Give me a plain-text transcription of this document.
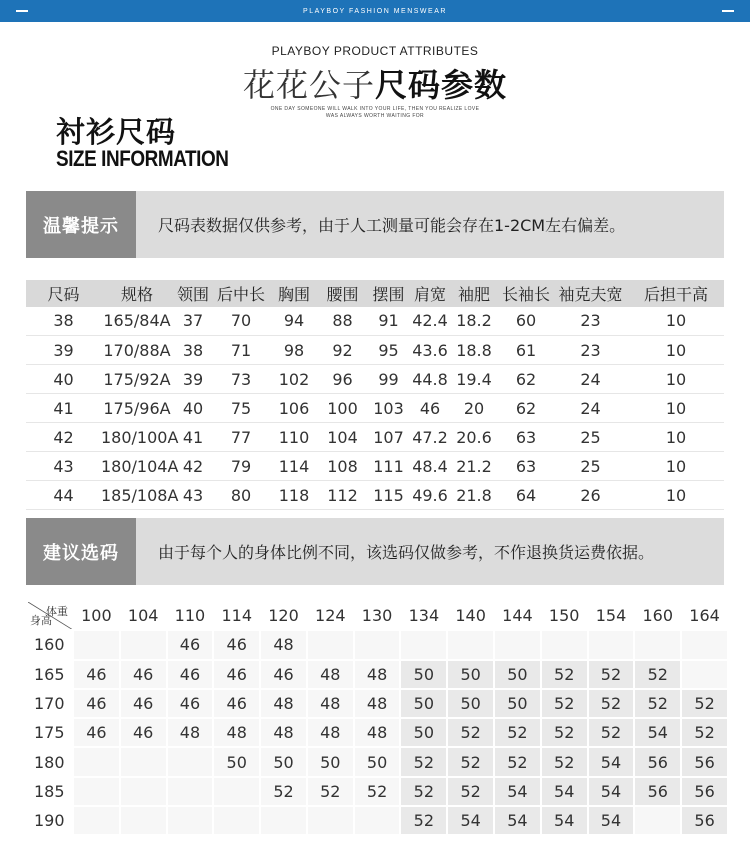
PLAYBOY FASHION MENSWEAR
PLAYBOY PRODUCT ATTRIBUTES
花花公子尺码参数
ONE DAY SOMEONE WILL WALK INTO YOUR LIFE, THEN YOU REALIZE LOVE
WAS ALWAYS WORTH WAITING FOR
衬衫尺码
SIZE INFORMATION
温馨提示	尺码表数据仅供参考，由于人工测量可能会存在1-2CM左右偏差。
尺码	规格	领围	后中长	胸围	腰围	摆围	肩宽	袖肥	长袖长	袖克夫宽	后担干高
38	165/84A	37	70	94	88	91	42.4	18.2	60	23	10
39	170/88A	38	71	98	92	95	43.6	18.8	61	23	10
40	175/92A	39	73	102	96	99	44.8	19.4	62	24	10
41	175/96A	40	75	106	100	103	46	20	62	24	10
42	180/100A	41	77	110	104	107	47.2	20.6	63	25	10
43	180/104A	42	79	114	108	111	48.4	21.2	63	25	10
44	185/108A	43	80	118	112	115	49.6	21.8	64	26	10
建议选码	由于每个人的身体比例不同，该选码仅做参考，不作退换货运费依据。
体重
身高	100	104	110	114	120	124	130	134	140	144	150	154	160	164
160			46	46	48									
165	46	46	46	46	46	48	48	50	50	50	52	52	52	
170	46	46	46	46	48	48	48	50	50	50	52	52	52	52
175	46	46	48	48	48	48	48	50	52	52	52	52	54	52
180				50	50	50	50	52	52	52	52	54	56	56
185					52	52	52	52	52	54	54	54	56	56
190								52	54	54	54	54		56
